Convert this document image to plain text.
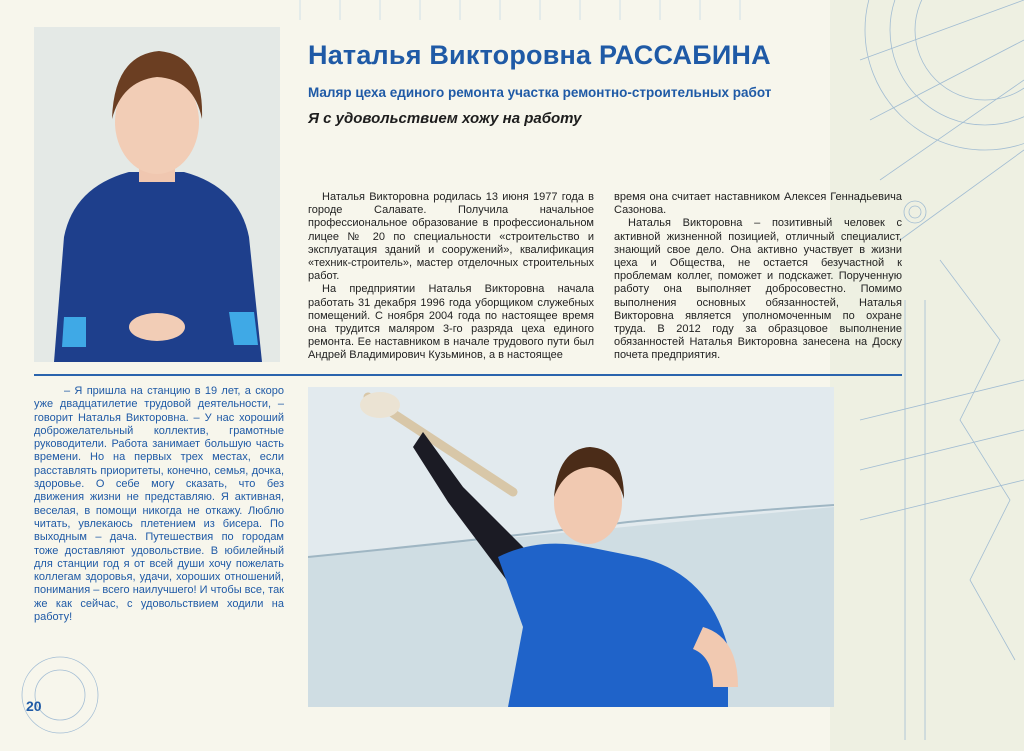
Наталья Викторовна РАССАБИНА

Маляр цеха единого ремонта участка ремонтно-строительных работ

Я с удовольствием хожу на работу

Наталья Викторовна родилась 13 июня 1977 года в городе Салавате. Получила начальное профессиональное образование в профессиональном лицее № 20 по специальности «строительство и эксплуатация зданий и сооружений», квалификация «техник-строитель», мастер отделочных строительных работ.

На предприятии Наталья Викторовна начала работать 31 декабря 1996 года уборщиком служебных помещений. С ноября 2004 года по настоящее время она трудится маляром 3-го разряда цеха единого ремонта. Ее наставником в начале трудового пути был Андрей Владимирович Кузьминов, а в настоящее

время она считает наставником Алексея Геннадьевича Сазонова.

Наталья Викторовна – позитивный человек с активной жизненной позицией, отличный специалист, знающий свое дело. Она активно участвует в жизни цеха и Общества, не остается безучастной к проблемам коллег, поможет и подскажет. Порученную работу она выполняет добросовестно. Помимо выполнения основных обязанностей, Наталья Викторовна является уполномоченным по охране труда. В 2012 году за образцовое выполнение обязанностей Наталья Викторовна занесена на Доску почета предприятия.

– Я пришла на станцию в 19 лет, а скоро уже двадцатилетие трудовой деятельности, – говорит Наталья Викторовна. – У нас хороший доброжелательный коллектив, грамотные руководители. Работа занимает большую часть времени. Но на первых трех местах, если расставлять приоритеты, конечно, семья, дочка, здоровье. О себе могу сказать, что без движения жизни не представляю. Я активная, веселая, в помощи никогда не откажу. Люблю читать, увлекаюсь плетением из бисера. По выходным – дача. Путешествия по городам тоже доставляют удовольствие. В юбилейный для станции год я от всей души хочу пожелать коллегам здоровья, удачи, хороших отношений, понимания – всего наилучшего! И чтобы все, так же как сейчас, с удовольствием ходили на работу!

20
